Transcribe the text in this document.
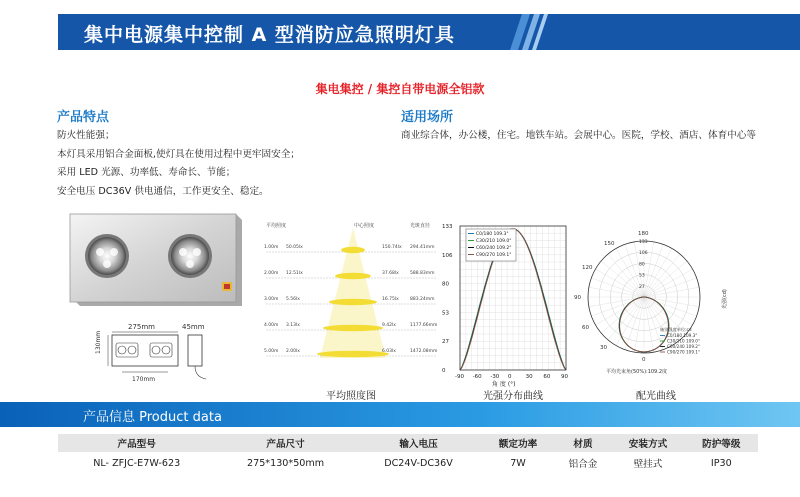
集中电源集中控制 A 型消防应急照明灯具
集电集控 / 集控自带电源全铝款
产品特点
防火性能强；
本灯具采用铝合金面板,使灯具在使用过程中更牢固安全；
采用 LED 光源、功率低、寿命长、节能；
安全电压 DC36V 供电通信，工作更安全、稳定。
适用场所
商业综合体，办公楼，住宅。地铁车站。会展中心。医院，学校、酒店、体育中心等
275mm
130mm
170mm
45mm
平均照度	中心照度	光斑直径
1.00m 50.05lx	150.74lx 294.41mm
2.00m 12.51lx	37.68lx 588.83mm
3.00m 5.56lx	16.75lx 883.24mm
4.00m 3.13lx	9.42lx	1177.66mm
5.00m 2.00lx	6.03lx	1472.08mm
平均照度图
133
106
80
53
27
0
-90 -60 -30 0	30 60 90
C0/180 109.3°
C30/210 109.0°
C60/240 109.2°
C90/270 109.1°
角 度 (°)
光强分布曲线
180
150
120
90
60
30
0
133
106
80
53
27
光强(cd)
轴别强度单位:cd
C0/180 109.3°
C30/210 109.0°
C60/240 109.2°
C90/270 109.1°
平均光束角(50%):109.2度
配光曲线
产品信息 Product data
产品型号	产品尺寸	输入电压	额定功率	材质	安装方式	防护等级
NL- ZFJC-E7W-623	275*130*50mm	DC24V-DC36V	7W	铝合金	壁挂式	IP30
